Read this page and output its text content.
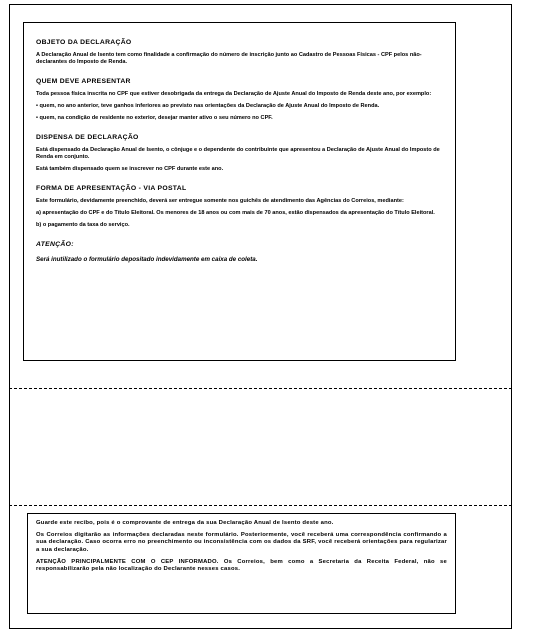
OBJETO DA DECLARAÇÃO

A Declaração Anual de Isento tem como finalidade a confirmação do número de inscrição junto ao Cadastro de Pessoas Físicas - CPF pelos não-declarantes do Imposto de Renda.

QUEM DEVE APRESENTAR

Toda pessoa física inscrita no CPF que estiver desobrigada da entrega da Declaração de Ajuste Anual do Imposto de Renda deste ano, por exemplo:

• quem, no ano anterior, teve ganhos inferiores ao previsto nas orientações da Declaração de Ajuste Anual do Imposto de Renda.

• quem, na condição de residente no exterior, desejar manter ativo o seu número no CPF.

DISPENSA DE DECLARAÇÃO

Está dispensado da Declaração Anual de Isento, o cônjuge e o dependente do contribuinte que apresentou a Declaração de Ajuste Anual do Imposto de Renda em conjunto.

Está também dispensado quem se inscrever no CPF durante este ano.

FORMA DE APRESENTAÇÃO - VIA POSTAL

Este formulário, devidamente preenchido, deverá ser entregue somente nos guichês de atendimento das Agências do Correios, mediante:

a) apresentação do CPF e do Título Eleitoral. Os menores de 18 anos ou com mais de 70 anos, estão dispensados da apresentação do Título Eleitoral.

b) o pagamento da taxa do serviço.

ATENÇÃO:

Será inutilizado o formulário depositado indevidamente em caixa de coleta.

Guarde este recibo, pois é o comprovante de entrega da sua Declaração Anual de Isento deste ano.

Os Correios digitarão as informações declaradas neste formulário. Posteriormente, você receberá uma correspondência confirmando a sua declaração. Caso ocorra erro no preenchimento ou inconsistência com os dados da SRF, você receberá orientações para regularizar a sua declaração.

ATENÇÃO PRINCIPALMENTE COM O CEP INFORMADO. Os Correios, bem como a Secretaria da Receita Federal, não se responsabilizarão pela não localização do Declarante nesses casos.
